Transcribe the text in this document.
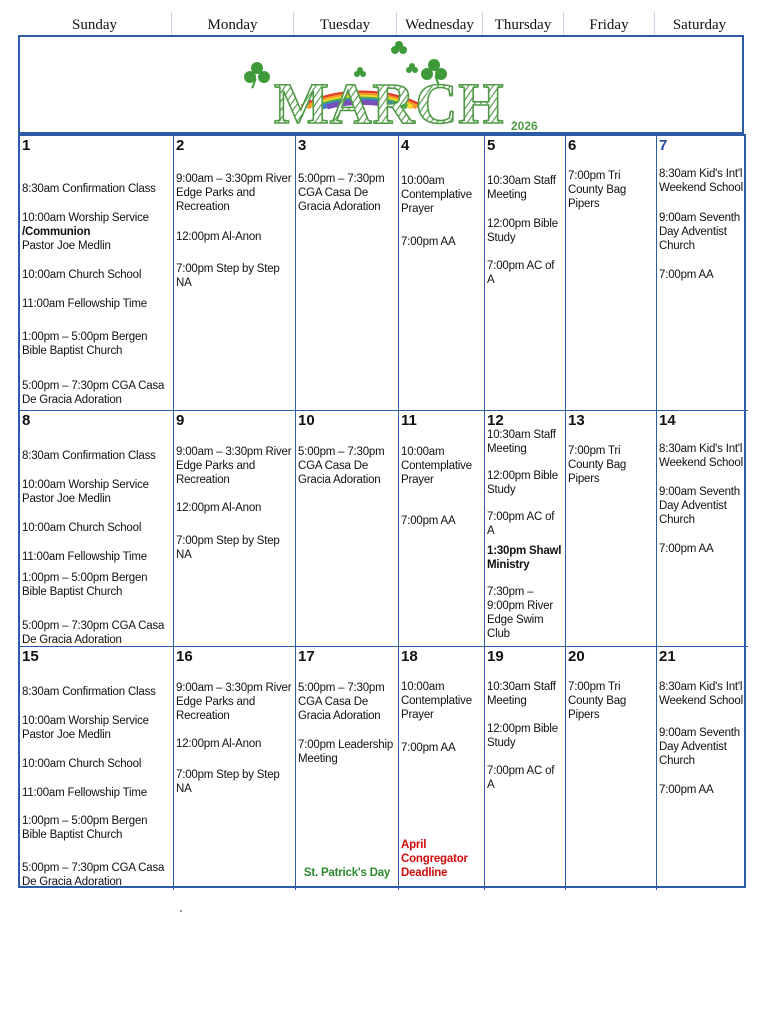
Sunday	Monday	Tuesday	Wednesday	Thursday	Friday	Saturday
MARCH 2026
1
8:30am Confirmation Class
10:00am Worship Service
/Communion
Pastor Joe Medlin
10:00am Church School
11:00am Fellowship Time
1:00pm – 5:00pm Bergen Bible Baptist Church
5:00pm – 7:30pm CGA Casa De Gracia Adoration
2
9:00am – 3:30pm River Edge Parks and Recreation
12:00pm Al-Anon
7:00pm Step by Step NA
3
5:00pm – 7:30pm CGA Casa De Gracia Adoration
4
10:00am Contemplative Prayer
7:00pm AA
5
10:30am Staff Meeting
12:00pm Bible Study
7:00pm AC of A
6
7:00pm Tri County Bag Pipers
7
8:30am Kid's Int'l Weekend School
9:00am Seventh Day Adventist Church
7:00pm AA
8
8:30am Confirmation Class
10:00am Worship Service
Pastor Joe Medlin
10:00am Church School
11:00am Fellowship Time
1:00pm – 5:00pm Bergen Bible Baptist Church
5:00pm – 7:30pm CGA Casa De Gracia Adoration
9
9:00am – 3:30pm River Edge Parks and Recreation
12:00pm Al-Anon
7:00pm Step by Step NA
10
5:00pm – 7:30pm CGA Casa De Gracia Adoration
11
10:00am Contemplative Prayer
7:00pm AA
12
10:30am Staff Meeting
12:00pm Bible Study
7:00pm AC of A
1:30pm Shawl Ministry
7:30pm – 9:00pm River Edge Swim Club
13
7:00pm Tri County Bag Pipers
14
8:30am Kid's Int'l Weekend School
9:00am Seventh Day Adventist Church
7:00pm AA
15
8:30am Confirmation Class
10:00am Worship Service
Pastor Joe Medlin
10:00am Church School
11:00am Fellowship Time
1:00pm – 5:00pm Bergen Bible Baptist Church
5:00pm – 7:30pm CGA Casa De Gracia Adoration
16
9:00am – 3:30pm River Edge Parks and Recreation
12:00pm Al-Anon
7:00pm Step by Step NA
17
5:00pm – 7:30pm CGA Casa De Gracia Adoration
7:00pm Leadership Meeting
St. Patrick's Day
18
10:00am Contemplative Prayer
7:00pm AA
April Congregator Deadline
19
10:30am Staff Meeting
12:00pm Bible Study
7:00pm AC of A
20
7:00pm Tri County Bag Pipers
21
8:30am Kid's Int'l Weekend School
9:00am Seventh Day Adventist Church
7:00pm AA
